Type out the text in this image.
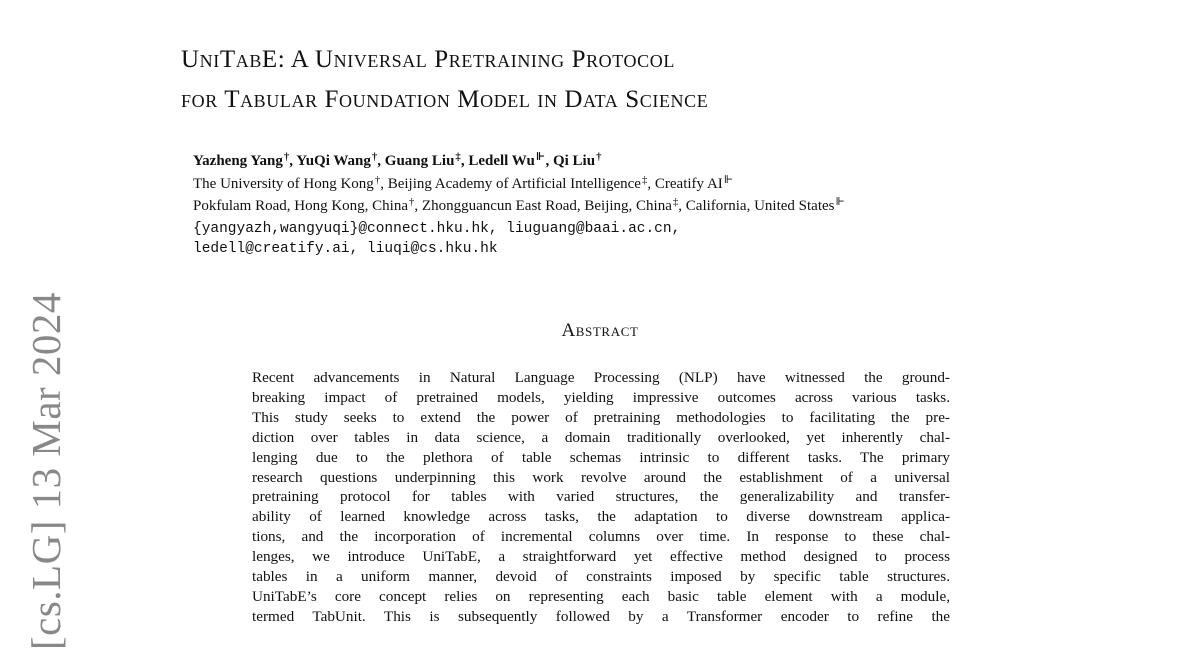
UniTabE: A Universal Pretraining Protocol
for Tabular Foundation Model in Data Science
Yazheng Yang†, YuQi Wang†, Guang Liu‡, Ledell Wu⊩, Qi Liu†
The University of Hong Kong†, Beijing Academy of Artificial Intelligence‡, Creatify AI⊩
Pokfulam Road, Hong Kong, China†, Zhongguancun East Road, Beijing, China‡, California, United States⊩
{yangyazh,wangyuqi}@connect.hku.hk, liuguang@baai.ac.cn,
ledell@creatify.ai, liuqi@cs.hku.hk
[cs.LG] 13 Mar 2024	Abstract
Recent advancements in Natural Language Processing (NLP) have witnessed the ground-
breaking impact of pretrained models, yielding impressive outcomes across various tasks.
This study seeks to extend the power of pretraining methodologies to facilitating the pre-
diction over tables in data science, a domain traditionally overlooked, yet inherently chal-
lenging due to the plethora of table schemas intrinsic to different tasks. The primary
research questions underpinning this work revolve around the establishment of a universal
pretraining protocol for tables with varied structures, the generalizability and transfer-
ability of learned knowledge across tasks, the adaptation to diverse downstream applica-
tions, and the incorporation of incremental columns over time. In response to these chal-
lenges, we introduce UniTabE, a straightforward yet effective method designed to process
tables in a uniform manner, devoid of constraints imposed by specific table structures.
UniTabE’s core concept relies on representing each basic table element with a module,
termed TabUnit. This is subsequently followed by a Transformer encoder to refine the
